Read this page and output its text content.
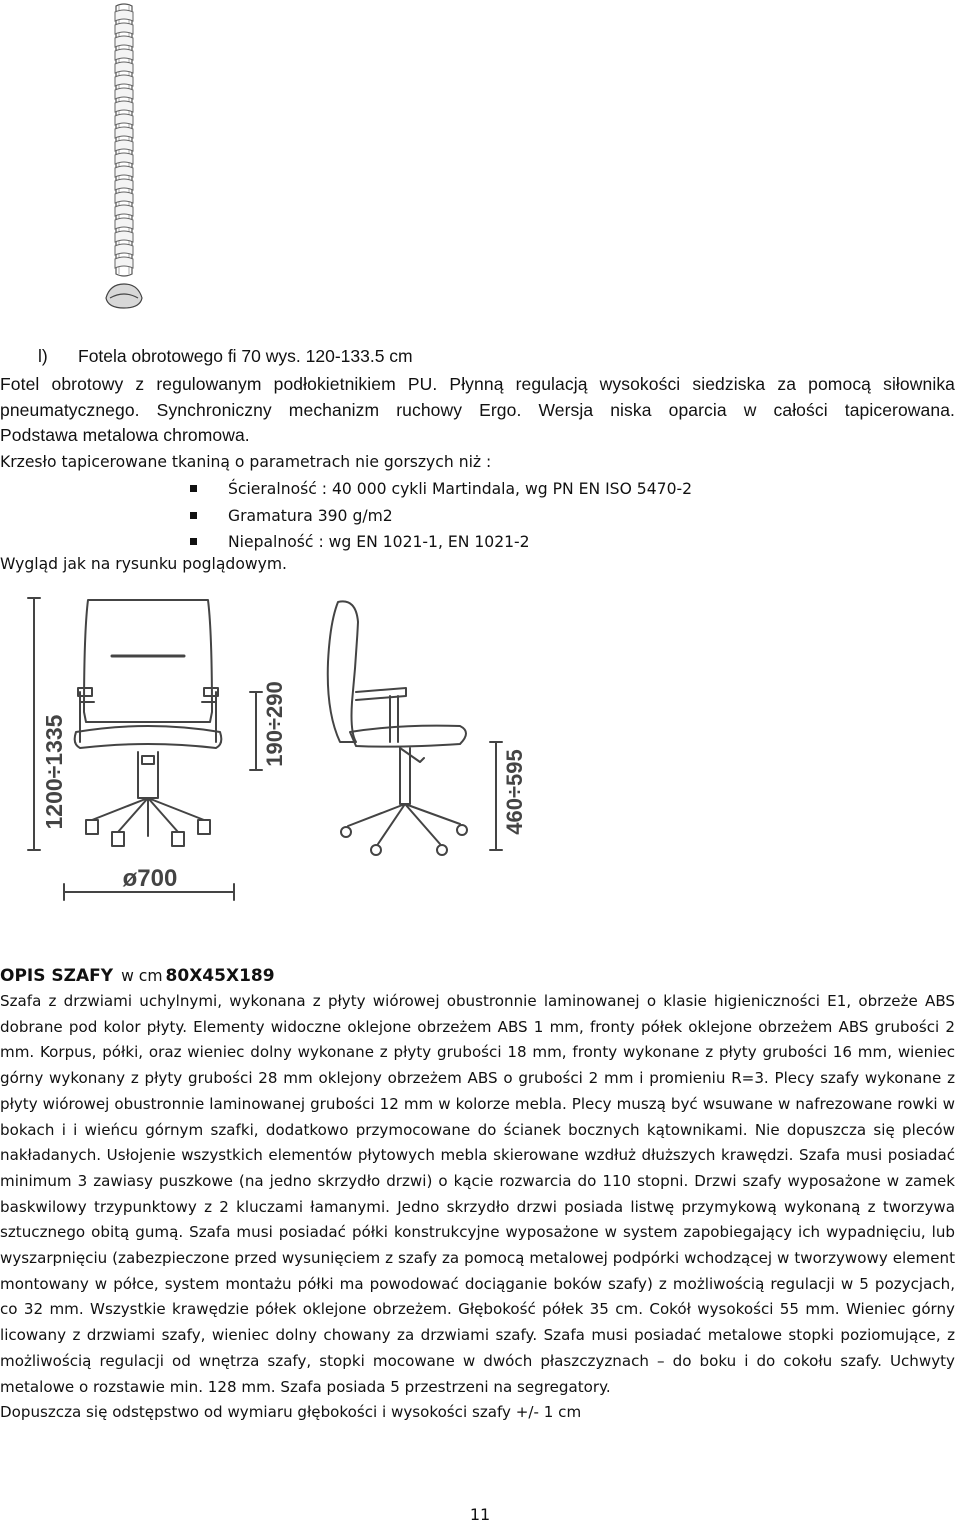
l) Fotela obrotowego fi 70 wys. 120-133.5 cm
Fotel obrotowy z regulowanym podłokietnikiem PU. Płynną regulacją wysokości siedziska za pomocą siłownika
pneumatycznego. Synchroniczny mechanizm ruchowy Ergo. Wersja niska oparcia w całości tapicerowana.
Podstawa metalowa chromowa.
Krzesło tapicerowane tkaniną o parametrach nie gorszych niż :
Ścieralność : 40 000 cykli Martindala, wg PN EN ISO 5470-2
Gramatura 390 g/m2
Niepalność : wg EN 1021-1, EN 1021-2
Wygląd jak na rysunku poglądowym.
1200÷1335	190÷290
460÷595
ø700
OPIS SZAFY w cm 80X45X189

Szafa z drzwiami uchylnymi, wykonana z płyty wiórowej obustronnie laminowanej o klasie higieniczności E1, obrzeże ABS dobrane pod kolor płyty. Elementy widoczne oklejone obrzeżem ABS 1 mm, fronty półek oklejone obrzeżem ABS grubości 2 mm. Korpus, półki, oraz wieniec dolny wykonane z płyty grubości 18 mm, fronty wykonane z płyty grubości 16 mm, wieniec górny wykonany z płyty grubości 28 mm oklejony obrzeżem ABS o grubości 2 mm i promieniu R=3. Plecy szafy wykonane z płyty wiórowej obustronnie laminowanej grubości 12 mm w kolorze mebla. Plecy muszą być wsuwane w nafrezowane rowki w bokach i i wieńcu górnym szafki, dodatkowo przymocowane do ścianek bocznych kątownikami. Nie dopuszcza się pleców nakładanych. Usłojenie wszystkich elementów płytowych mebla skierowane wzdłuż dłuższych krawędzi. Szafa musi posiadać minimum 3 zawiasy puszkowe (na jedno skrzydło drzwi) o kącie rozwarcia do 110 stopni. Drzwi szafy wyposażone w zamek baskwilowy trzypunktowy z 2 kluczami łamanymi. Jedno skrzydło drzwi posiada listwę przymykową wykonaną z tworzywa sztucznego obitą gumą. Szafa musi posiadać półki konstrukcyjne wyposażone w system zapobiegający ich wypadnięciu, lub wyszarpnięciu (zabezpieczone przed wysunięciem z szafy za pomocą metalowej podpórki wchodzącej w tworzywowy element montowany w półce, system montażu półki ma powodować dociąganie boków szafy) z możliwością regulacji w 5 pozycjach, co 32 mm. Wszystkie krawędzie półek oklejone obrzeżem. Głębokość półek 35 cm. Cokół wysokości 55 mm. Wieniec górny licowany z drzwiami szafy, wieniec dolny chowany za drzwiami szafy. Szafa musi posiadać metalowe stopki poziomujące, z możliwością regulacji od wnętrza szafy, stopki mocowane w dwóch płaszczyznach – do boku i do cokołu szafy. Uchwyty metalowe o rozstawie min. 128 mm. Szafa posiada 5 przestrzeni na segregatory.

Dopuszcza się odstępstwo od wymiaru głębokości i wysokości szafy +/- 1 cm
11
